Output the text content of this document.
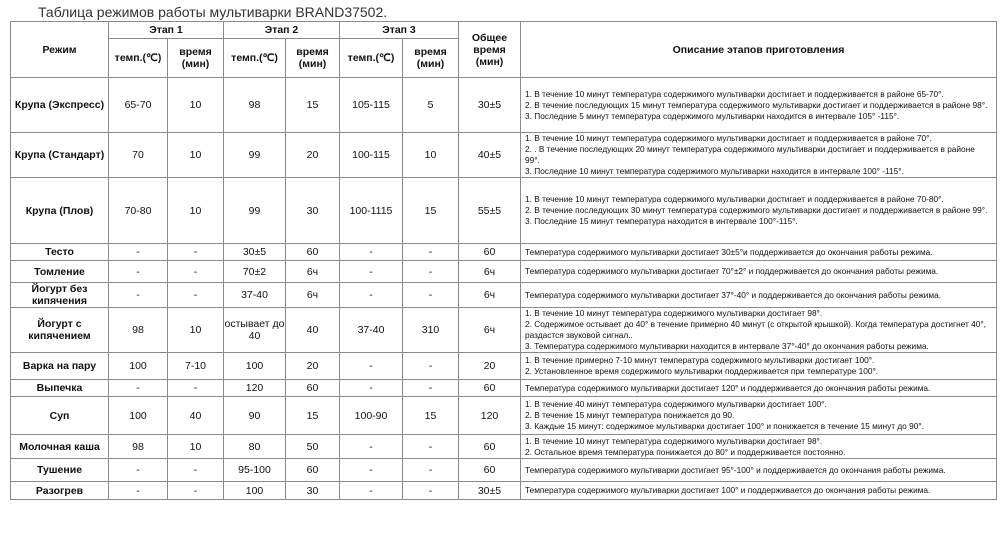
Таблица режимов работы мультиварки BRAND37502.
Режим	Этап 1		Этап 2		Этап 3		Общее время (мин)	Описание этапов приготовления
	темп.(℃)	время (мин)	темп.(℃)	время (мин)	темп.(℃)	время (мин)		
Крупа (Экспресс)	65-70	10	98	15	105-115	5	30±5	1. В течение 10 минут температура содержимого мультиварки достигает и поддерживается в районе 65-70°.
2. В течение последующих 15 минут температура содержимого мультиварки достигает и поддерживается в районе 98°.
3. Последние 5 минут температура содержимого мультиварки находится в интервале 105° -115°.

Крупа (Стандарт)	70	10	99	20	100-115	10	40±5	1. В течение 10 минут температура содержимого мультиварки достигает и поддерживается в районе 70°.
2. . В течение последующих 20 минут температура содержимого мультиварки достигает и поддерживается в районе 99°.
3. Последние 10 минут температура содержимого мультиварки находится в интервале 100° -115°.

Крупа (Плов)	70-80	10	99	30	100-1115	15	55±5	1. В течение 10 минут температура содержимого мультиварки достигает и поддерживается в районе 70-80°.
2. В течение последующих 30 минут температура содержимого мультиварки достигает и поддерживается в районе 99°.
3. Последние 15 минут температура находится в интервале 100°-115°.

Тесто	-	-	30±5	60	-	-	60	Температура содержимого мультиварки достигает 30±5°и поддерживается до окончания работы режима.

Томление	-	-	70±2	6ч	-	-	6ч	Температура содержимого мультиварки достигает 70°±2° и поддерживается до окончания работы режима.

Йогурт без кипячения	-	-	37-40	6ч	-	-	6ч	Температура содержимого мультиварки достигает 37°-40° и поддерживается до окончания работы режима.

Йогурт с кипячением	98	10	остывает до 40	40	37-40	310	6ч	1. В течение 10 минут температура содержимого мультиварки достигает 98°.
2. Содержимое остывает до 40° в течение примерно 40 минут (с открытой крышкой). Когда температура достигнет 40°, раздастся звуковой сигнал..
3. Температура содержимого мультиварки находится в интервале 37°-40° до окончания работы режима.

Варка на пару	100	7-10	100	20	-	-	20	1. В течение примерно 7-10 минут температура содержимого мультиварки достигает 100°.
2. Установленное время содержимого мультиварки поддерживается при температуре 100°.

Выпечка	-	-	120	60	-	-	60	Температура содержимого мультиварки достигает 120° и поддерживается до окончания работы режима.

Суп	100	40	90	15	100-90	15	120	1. В течение 40 минут температура содержимого мультиварки достигает 100°.
2. В течение 15 минут температура понижается до 90.
3. Каждые 15 минут: содержимое мультиварки достигает 100° и понижается в течение 15 минут до 90°.

Молочная каша	98	10	80	50	-	-	60	1. В течение 10 минут температура содержимого мультиварки достигает 98°.
2. Остальное время температура понижается до 80° и поддерживается постоянно.

Тушение	-	-	95-100	60	-	-	60	Температура содержимого мультиварки достигает 95°-100° и поддерживается до окончания работы режима.

Разогрев	-	-	100	30	-	-	30±5	Температура содержимого мультиварки достигает 100° и поддерживается до окончания работы режима.
